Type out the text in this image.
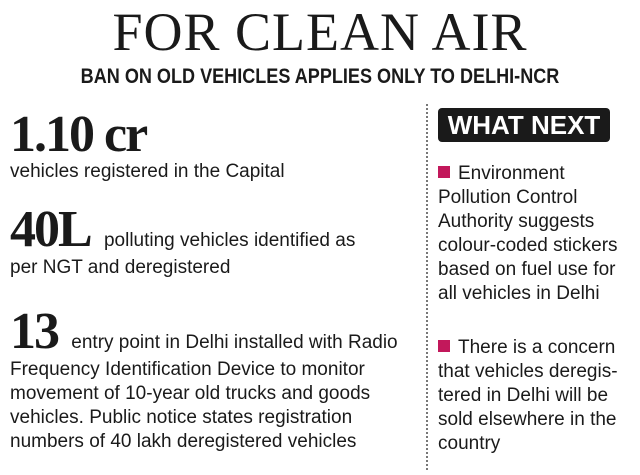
FOR CLEAN AIR
BAN ON OLD VEHICLES APPLIES ONLY TO DELHI-NCR
1.10 cr
vehicles registered in the Capital
40L polluting vehicles identified as
per NGT and deregistered
13 entry point in Delhi installed with Radio
Frequency Identification Device to monitor
movement of 10-year old trucks and goods
vehicles. Public notice states registration
numbers of 40 lakh deregistered vehicles
WHAT NEXT
Environment
Pollution Control
Authority suggests
colour-coded stickers
based on fuel use for
all vehicles in Delhi
There is a concern
that vehicles deregis-
tered in Delhi will be
sold elsewhere in the
country
